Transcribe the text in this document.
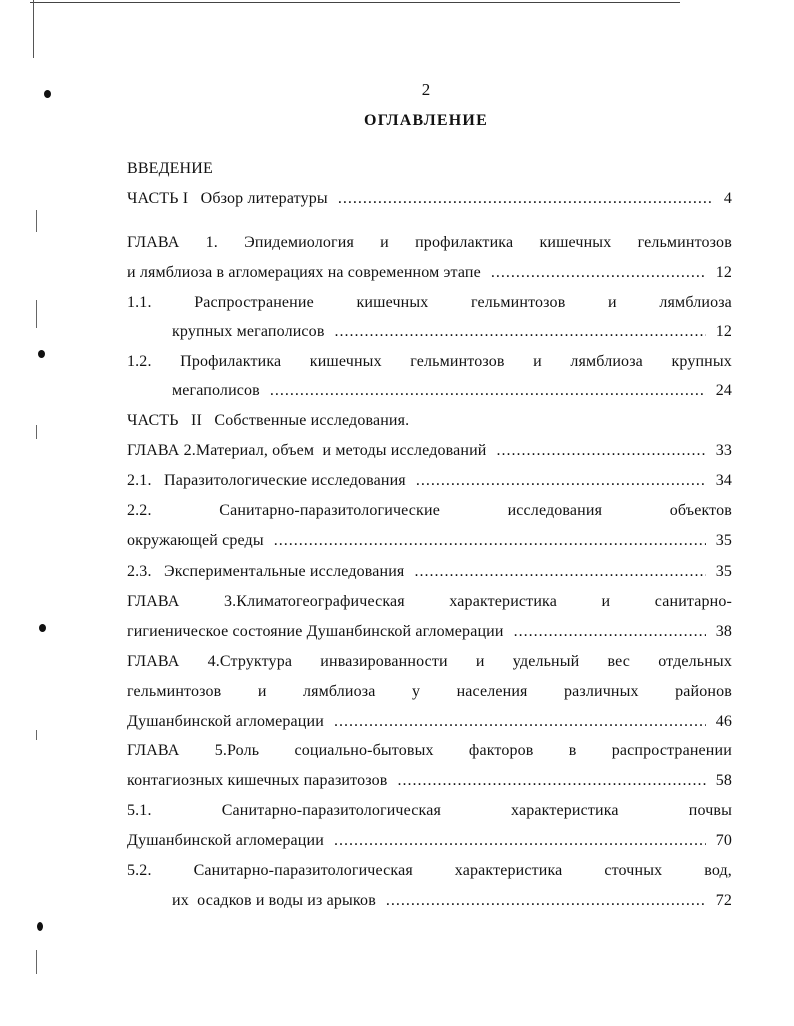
2
ОГЛАВЛЕНИЕ
ВВЕДЕНИЕ
ЧАСТЬ I   Обзор литературы .....	4
ГЛАВА 1. Эпидемиология и профилактика кишечных гельминтозов
и лямблиоза в агломерациях на современном этапе .....	12
1.1.	Распространение	кишечных	гельминтозов	и	лямблиоза
крупных мегаполисов .....	12
1.2. Профилактика кишечных гельминтозов и лямблиоза крупных
мегаполисов .....	24
ЧАСТЬ   II   Собственные исследования.
ГЛАВА 2.Материал, объем  и методы исследований .....	33
2.1.   Паразитологические исследования .....	34
2.2.	Санитарно-паразитологические	исследования	объектов
окружающей среды .....	35
2.3.   Экспериментальные исследования .....	35
ГЛАВА	3.Климатогеографическая	характеристика	и	санитарно-
гигиеническое состояние Душанбинской агломерации .....	38
ГЛАВА 4.Структура инвазированности и удельный вес отдельных
гельминтозов и лямблиоза у населения различных районов
Душанбинской агломерации .....	46
ГЛАВА 5.Роль социально-бытовых факторов в распространении
контагиозных кишечных паразитозов .....	58
5.1.	Санитарно-паразитологическая	характеристика	почвы
Душанбинской агломерации .....	70
5.2.	Санитарно-паразитологическая	характеристика	сточных	вод,
их  осадков и воды из арыков .....	72
